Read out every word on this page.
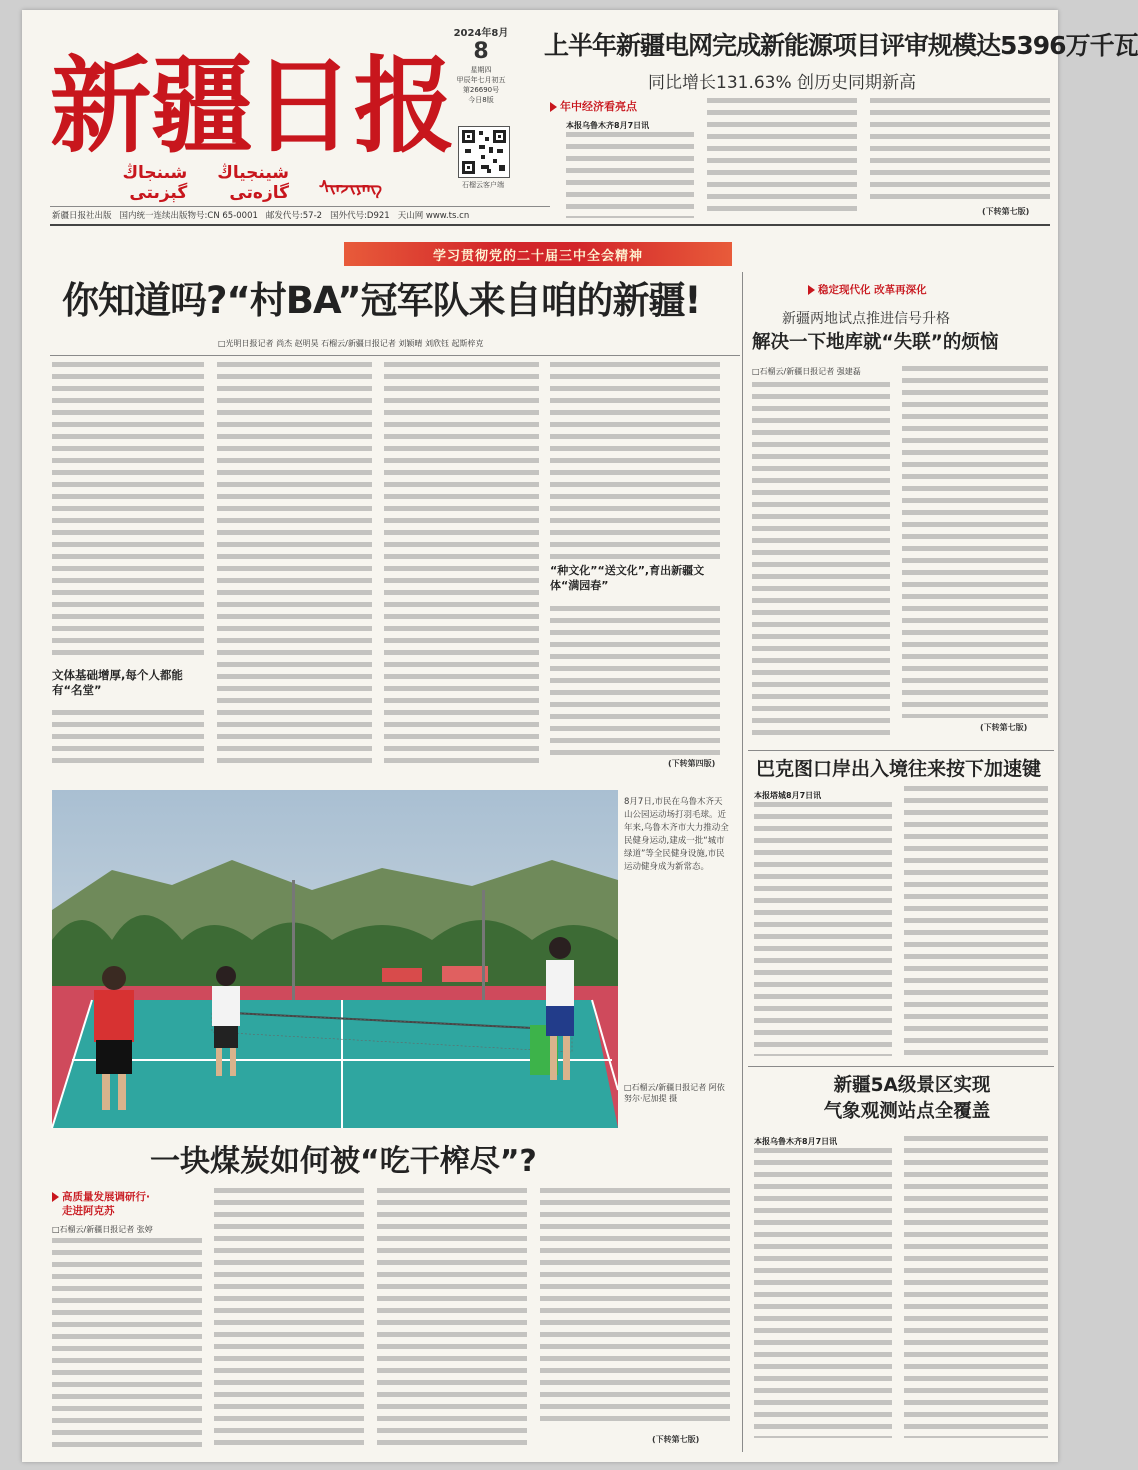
新疆日报
شىنجاڭ گېزىتى
شينجياڭ گازەتى ᠰᠢᠨᠵᠢᠶᠠᠩ
2024年8月
8
星期四
甲辰年七月初五
第26690号
今日8版
石榴云客户端
上半年新疆电网完成新能源项目评审规模达5396万千瓦
同比增长131.63% 创历史同期新高
年中经济看亮点
本报乌鲁木齐8月7日讯
(下转第七版)
新疆日报社出版 国内统一连续出版物号:CN 65-0001 邮发代号:57-2 国外代号:D921 天山网 www.ts.cn
学习贯彻党的二十届三中全会精神
你知道吗?“村BA”冠军队来自咱的新疆!
□光明日报记者 尚杰 赵明昊 石榴云/新疆日报记者 刘颖晴 刘欣钰 起斯梓克
文体基础增厚,每个人都能有“名堂”
“种文化”“送文化”,育出新疆文体“满园春”
(下转第四版)
稳定现代化 改革再深化
新疆两地试点推进信号升格
解决一下地库就“失联”的烦恼
□石榴云/新疆日报记者 强建磊
(下转第七版)
巴克图口岸出入境往来按下加速键
本报塔城8月7日讯
新疆5A级景区实现
气象观测站点全覆盖
本报乌鲁木齐8月7日讯
8月7日,市民在乌鲁木齐天山公园运动场打羽毛球。近年来,乌鲁木齐市大力推动全民健身运动,建成一批“城市绿道”等全民健身设施,市民运动健身成为新常态。
□石榴云/新疆日报记者 阿依努尔·尼加提 摄
一块煤炭如何被“吃干榨尽”?
高质量发展调研行·
走进阿克苏
□石榴云/新疆日报记者 张婷
(下转第七版)
